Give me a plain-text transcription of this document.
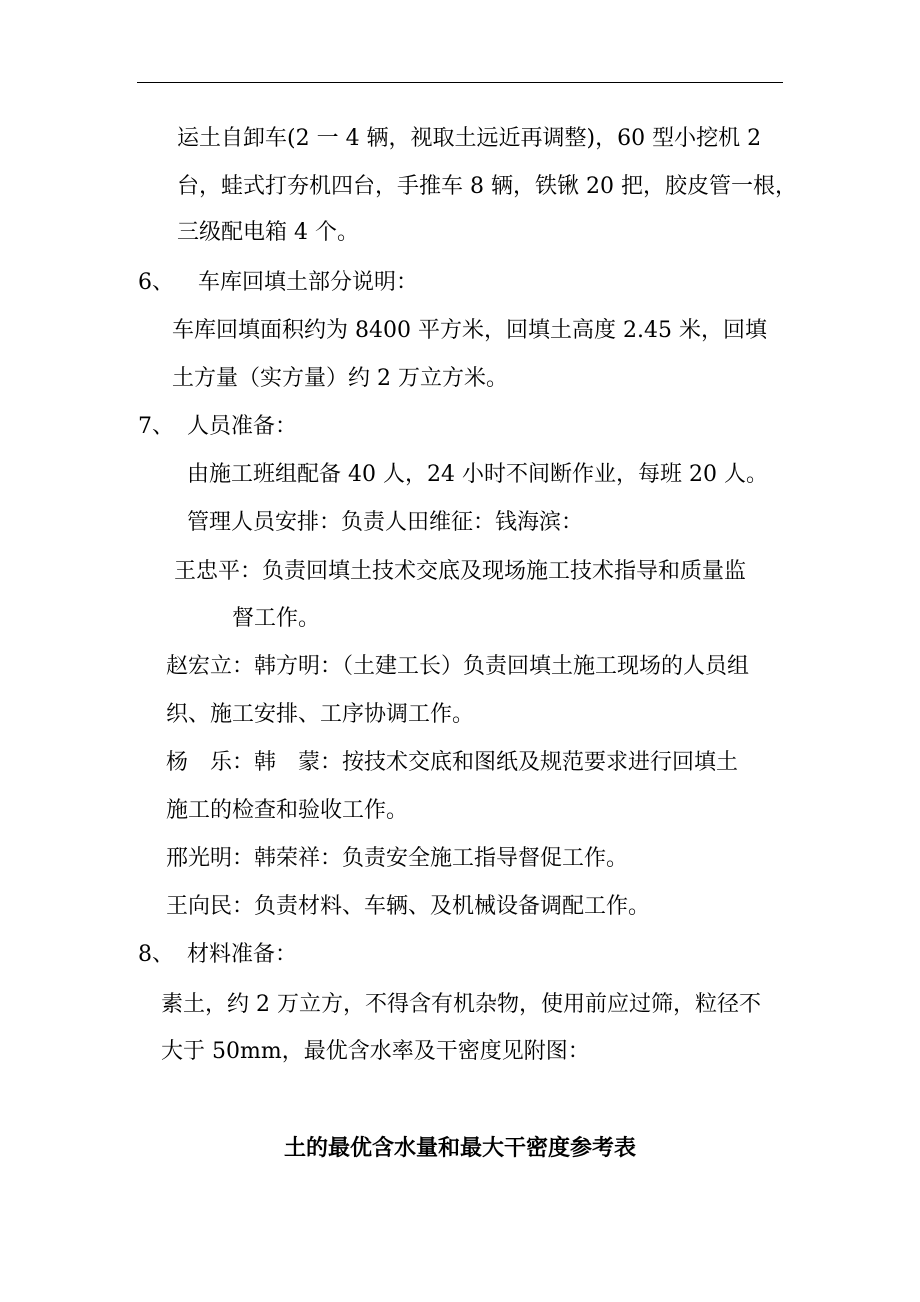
运土自卸车(2 一 4 辆，视取土远近再调整)，60 型小挖机 2
台，蛙式打夯机四台，手推车 8 辆，铁锹 20 把，胶皮管一根，
三级配电箱 4 个。
6、 车库回填土部分说明：
车库回填面积约为 8400 平方米，回填土高度 2.45 米，回填
土方量（实方量）约 2 万立方米。
7、 人员准备：
由施工班组配备 40 人，24 小时不间断作业，每班 20 人。
管理人员安排：负责人田维征：钱海滨：
王忠平：负责回填土技术交底及现场施工技术指导和质量监
督工作。
赵宏立：韩方明：（土建工长）负责回填土施工现场的人员组
织、施工安排、工序协调工作。
杨　乐：韩　蒙：按技术交底和图纸及规范要求进行回填土
施工的检查和验收工作。
邢光明：韩荣祥：负责安全施工指导督促工作。
王向民：负责材料、车辆、及机械设备调配工作。
8、 材料准备：
素土，约 2 万立方，不得含有机杂物，使用前应过筛，粒径不
大于 50mm，最优含水率及干密度见附图：
土的最优含水量和最大干密度参考表
